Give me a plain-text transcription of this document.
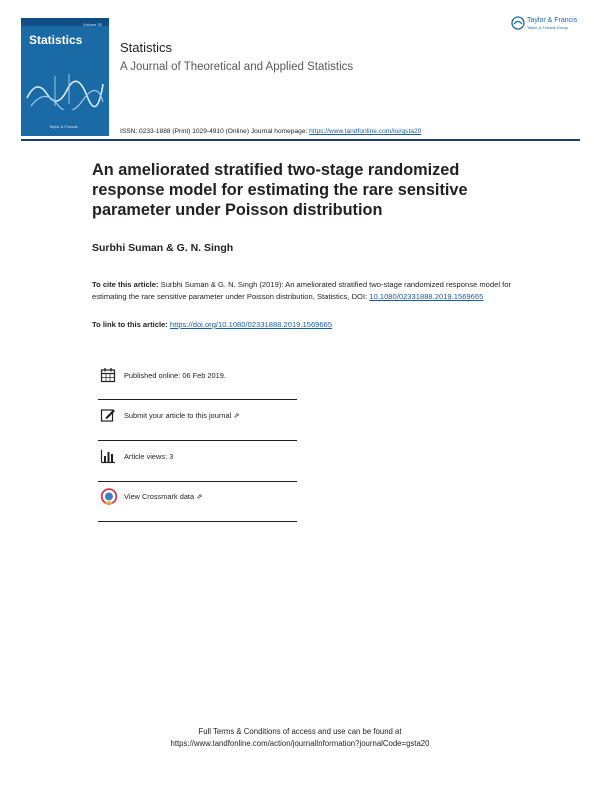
Volume 53
Statistics
Taylor & Francis
Statistics
A Journal of Theoretical and Applied Statistics
ISSN: 0233-1888 (Print) 1029-4910 (Online) Journal homepage: https://www.tandfonline.com/loi/gsta20
Taylor & Francis
Taylor & Francis Group
An ameliorated stratified two-stage randomized response model for estimating the rare sensitive parameter under Poisson distribution
Surbhi Suman & G. N. Singh
To cite this article: Surbhi Suman & G. N. Singh (2019): An ameliorated stratified two-stage randomized response model for estimating the rare sensitive parameter under Poisson distribution, Statistics, DOI: 10.1080/02331888.2019.1569665
To link to this article: https://doi.org/10.1080/02331888.2019.1569665
Published online: 06 Feb 2019.
Submit your article to this journal ⇗
Article views: 3
View Crossmark data ⇗
Full Terms & Conditions of access and use can be found at
https://www.tandfonline.com/action/journalInformation?journalCode=gsta20
